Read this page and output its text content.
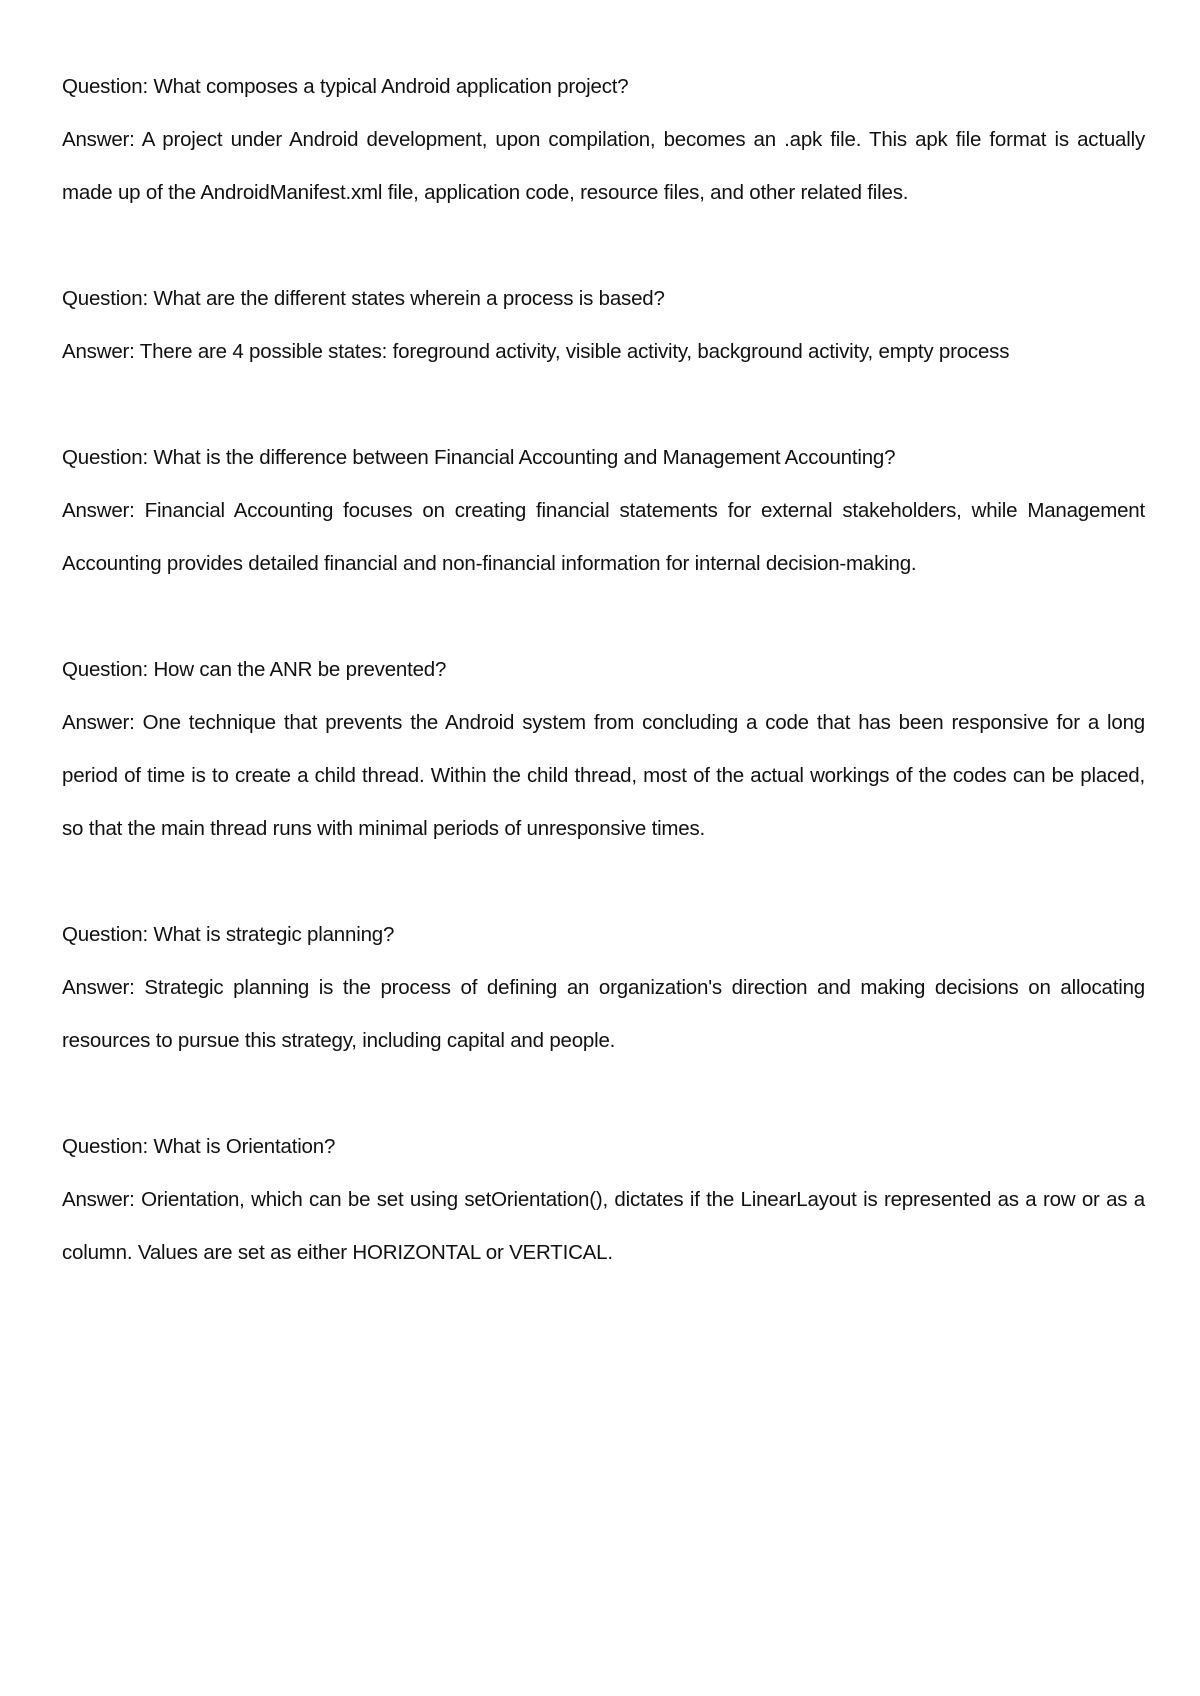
Question: What composes a typical Android application project?

Answer: A project under Android development, upon compilation, becomes an .apk file. This apk file format is actually made up of the AndroidManifest.xml file, application code, resource files, and other related files.

Question: What are the different states wherein a process is based?

Answer: There are 4 possible states: foreground activity, visible activity, background activity, empty process

Question: What is the difference between Financial Accounting and Management Accounting?

Answer: Financial Accounting focuses on creating financial statements for external stakeholders, while Management Accounting provides detailed financial and non-financial information for internal decision-making.

Question: How can the ANR be prevented?

Answer: One technique that prevents the Android system from concluding a code that has been responsive for a long period of time is to create a child thread. Within the child thread, most of the actual workings of the codes can be placed, so that the main thread runs with minimal periods of unresponsive times.

Question: What is strategic planning?

Answer: Strategic planning is the process of defining an organization's direction and making decisions on allocating resources to pursue this strategy, including capital and people.

Question: What is Orientation?

Answer: Orientation, which can be set using setOrientation(), dictates if the LinearLayout is represented as a row or as a column. Values are set as either HORIZONTAL or VERTICAL.
